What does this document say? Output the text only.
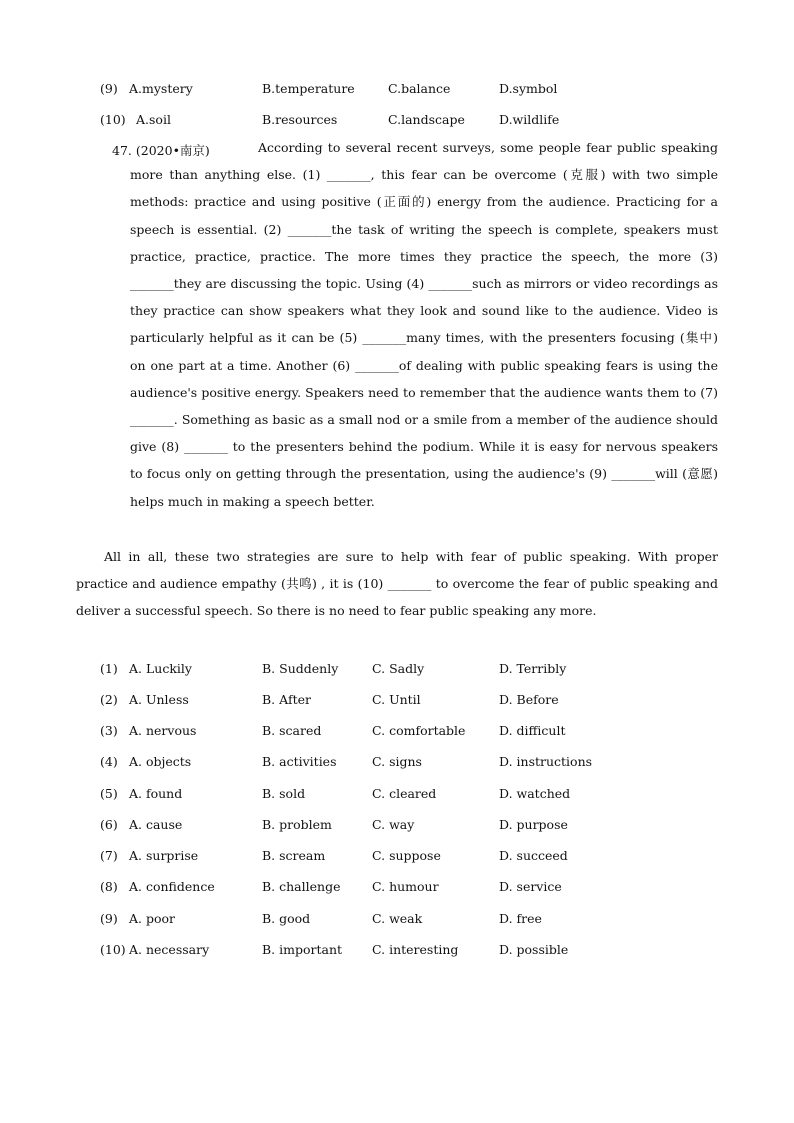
(9) A.mystery	B.temperature	C.balance	D.symbol
(10) A.soil	B.resources	C.landscape	D.wildlife
47. (2020•南京)	According to several recent surveys, some people fear public speaking more than anything else. (1) _______, this fear can be overcome (克服) with two simple methods: practice and using positive (正面的) energy from the audience. Practicing for a speech is essential. (2) _______the task of writing the speech is complete, speakers must practice, practice, practice. The more times they practice the speech, the more (3) _______they are discussing the topic. Using (4) _______such as mirrors or video recordings as they practice can show speakers what they look and sound like to the audience. Video is particularly helpful as it can be (5) _______many times, with the presenters focusing (集中) on one part at a time. Another (6) _______of dealing with public speaking fears is using the audience's positive energy. Speakers need to remember that the audience wants them to (7) _______. Something as basic as a small nod or a smile from a member of the audience should give (8) _______ to the presenters behind the podium. While it is easy for nervous speakers to focus only on getting through the presentation, using the audience's (9) _______will (意愿) helps much in making a speech better.
All in all, these two strategies are sure to help with fear of public speaking. With proper practice and audience empathy (共鸣) , it is (10) _______ to overcome the fear of public speaking and deliver a successful speech. So there is no need to fear public speaking any more.
(1) A. Luckily	B. Suddenly	C. Sadly	D. Terribly
(2) A. Unless	B. After	C. Until	D. Before
(3) A. nervous	B. scared	C. comfortable	D. difficult
(4) A. objects	B. activities	C. signs	D. instructions
(5) A. found	B. sold	C. cleared	D. watched
(6) A. cause	B. problem	C. way	D. purpose
(7) A. surprise	B. scream	C. suppose	D. succeed
(8) A. confidence	B. challenge	C. humour	D. service
(9) A. poor	B. good	C. weak	D. free
(10) A. necessary	B. important C. interesting	D. possible
